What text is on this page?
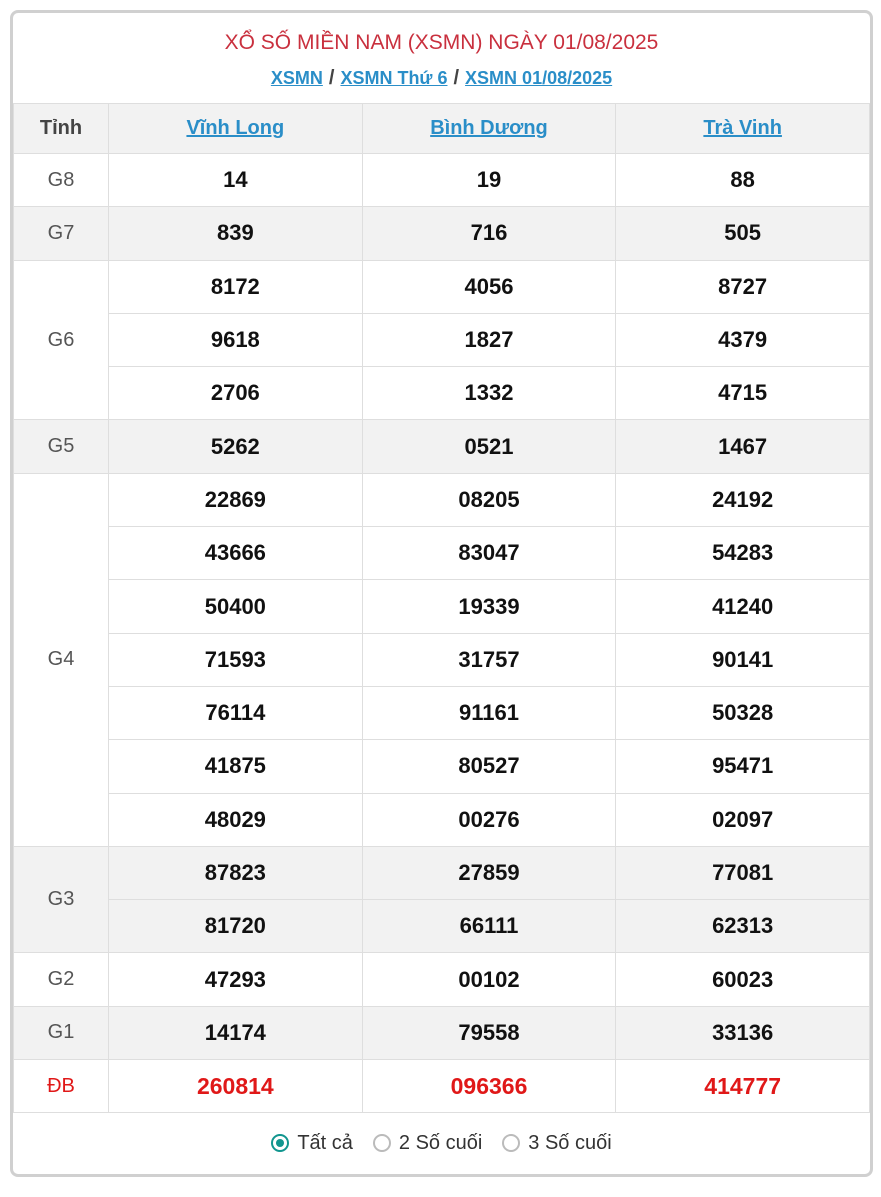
XỔ SỐ MIỀN NAM (XSMN) NGÀY 01/08/2025
XSMN / XSMN Thứ 6 / XSMN 01/08/2025
Tỉnh	Vĩnh Long	Bình Dương	Trà Vinh
G8	14	19	88
G7	839	716	505
G6	8172	4056	8727
	9618	1827	4379
	2706	1332	4715
G5	5262	0521	1467
G4	22869	08205	24192
	43666	83047	54283
	50400	19339	41240
	71593	31757	90141
	76114	91161	50328
	41875	80527	95471
	48029	00276	02097
G3	87823	27859	77081
	81720	66111	62313
G2	47293	00102	60023
G1	14174	79558	33136
ĐB	260814	096366	414777
Tất cả 2 Số cuối 3 Số cuối
